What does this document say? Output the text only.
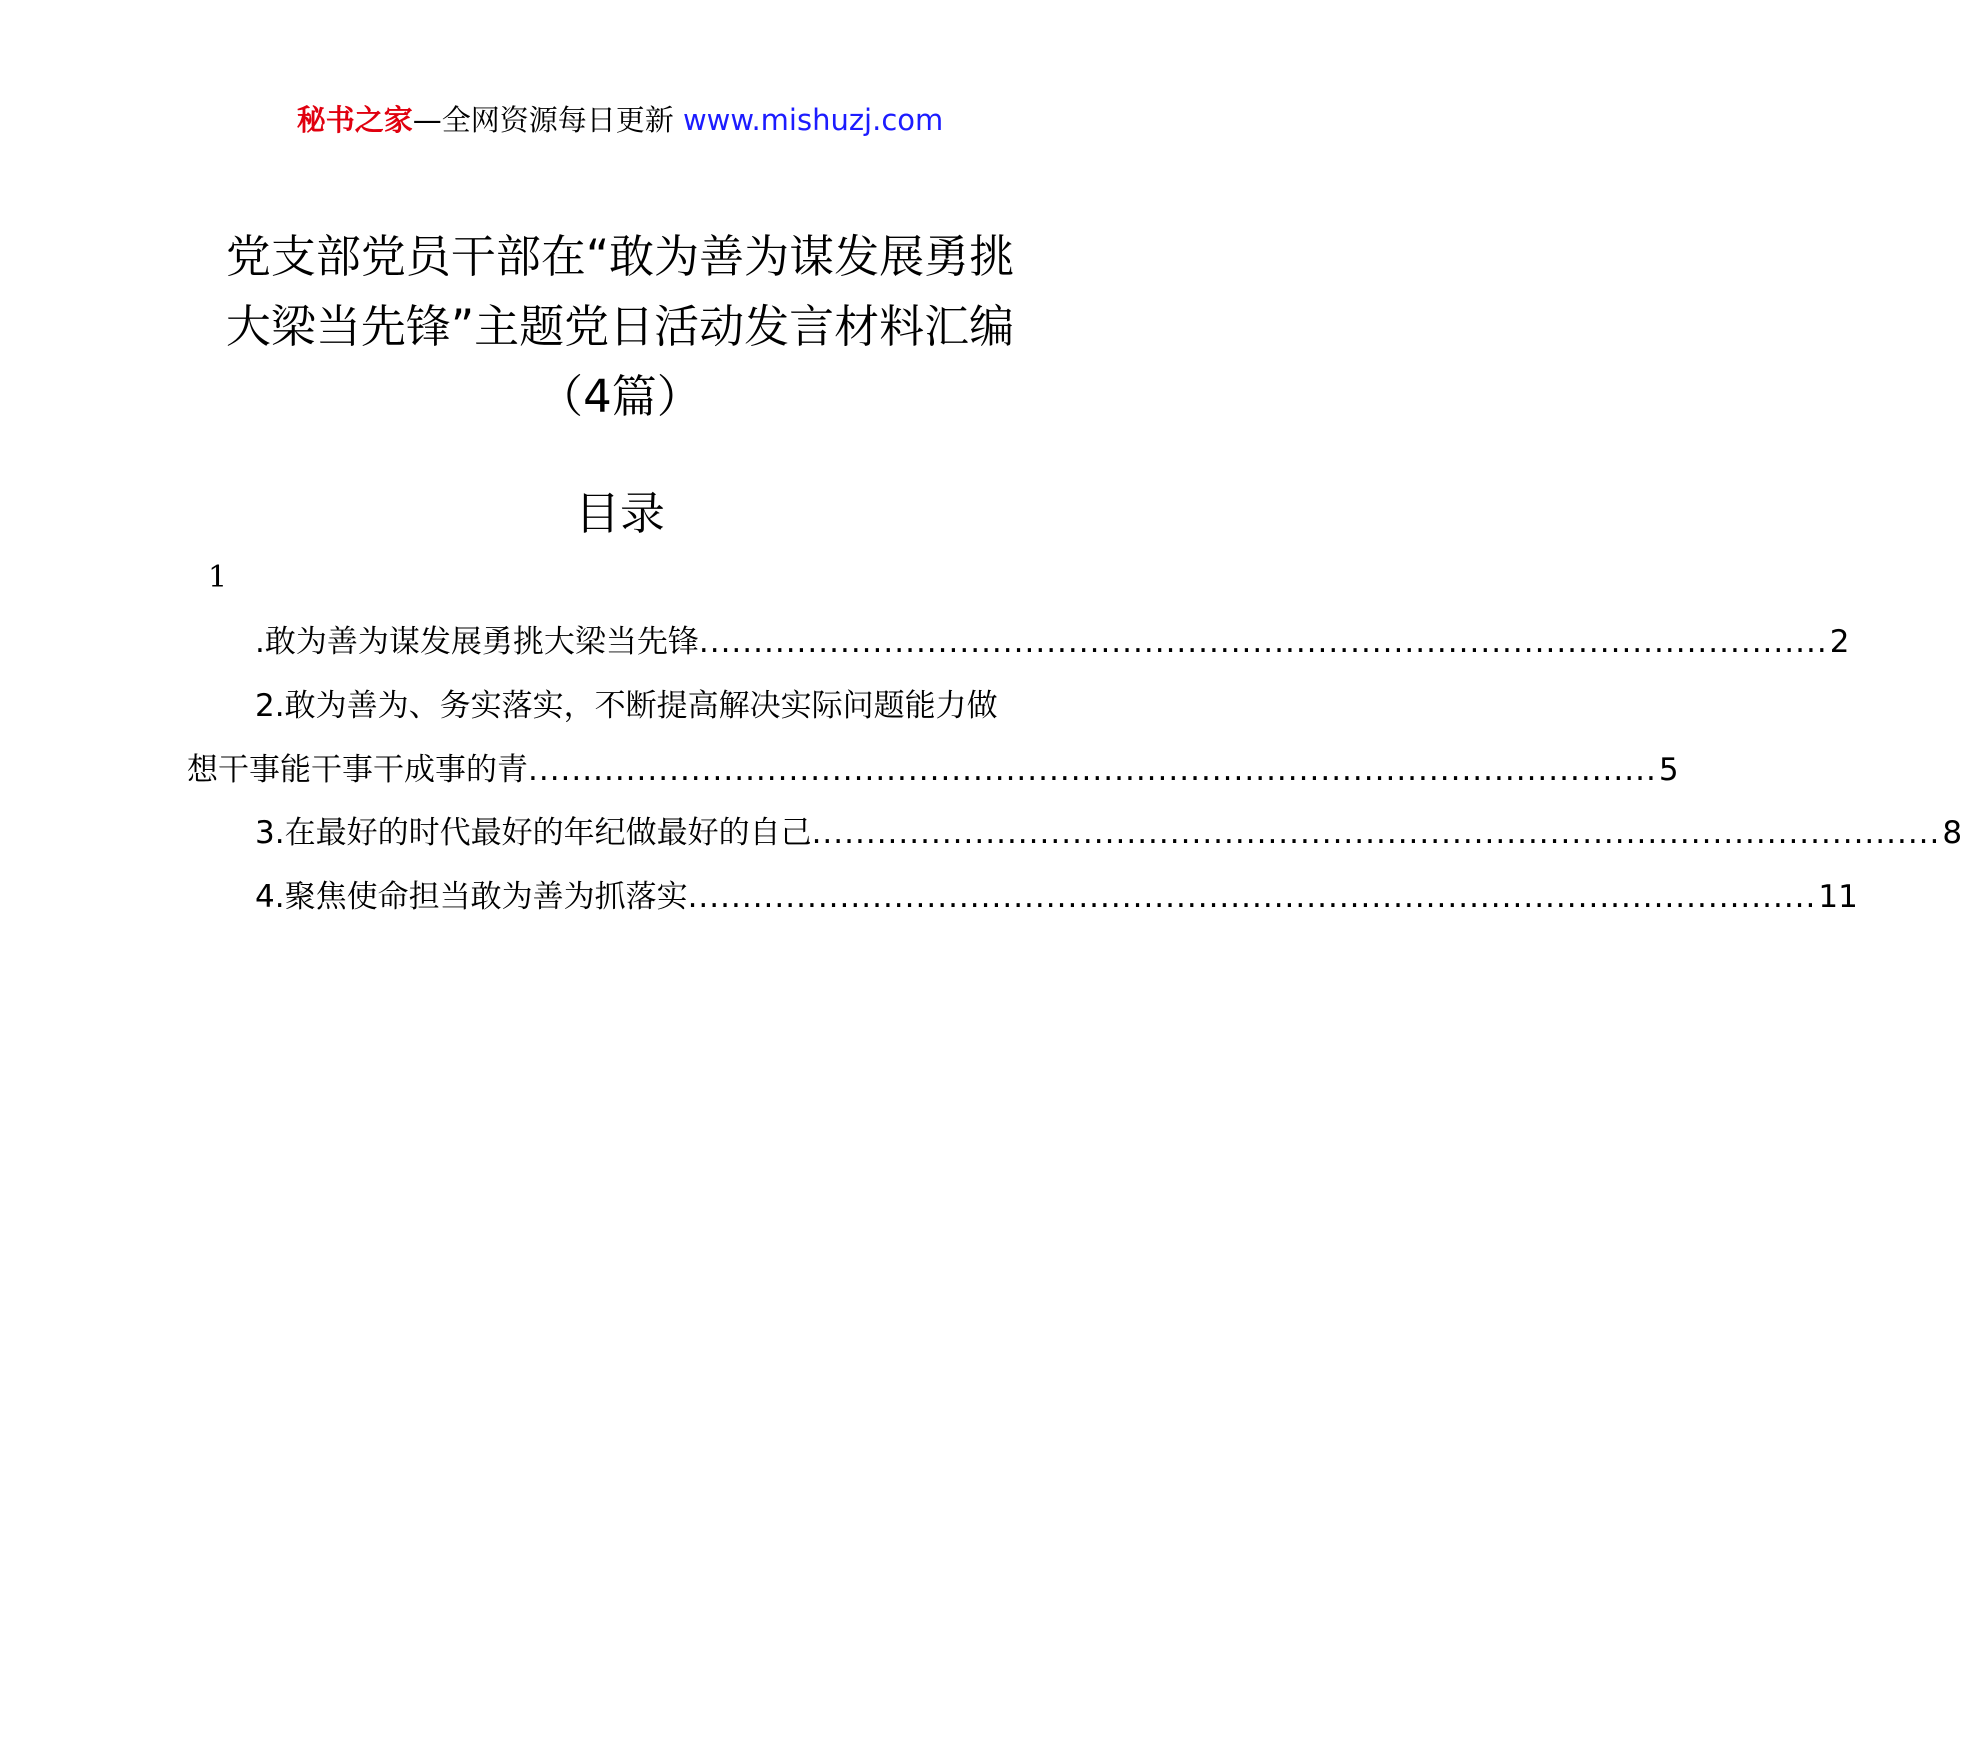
秘书之家—全网资源每日更新 www.mishuzj.com
党支部党员干部在“敢为善为谋发展勇挑
大梁当先锋”主题党日活动发言材料汇编
（4篇）
目录
1
.敢为善为谋发展勇挑大梁当先锋 ........................................................................................................ 2
2.敢为善为、务实落实，不断提高解决实际问题能力做
想干事能干事干成事的青 ........................................................................................................ 5
3.在最好的时代最好的年纪做最好的自己 ........................................................................................................ 8
4.聚焦使命担当敢为善为抓落实 ........................................................................................................ 11
